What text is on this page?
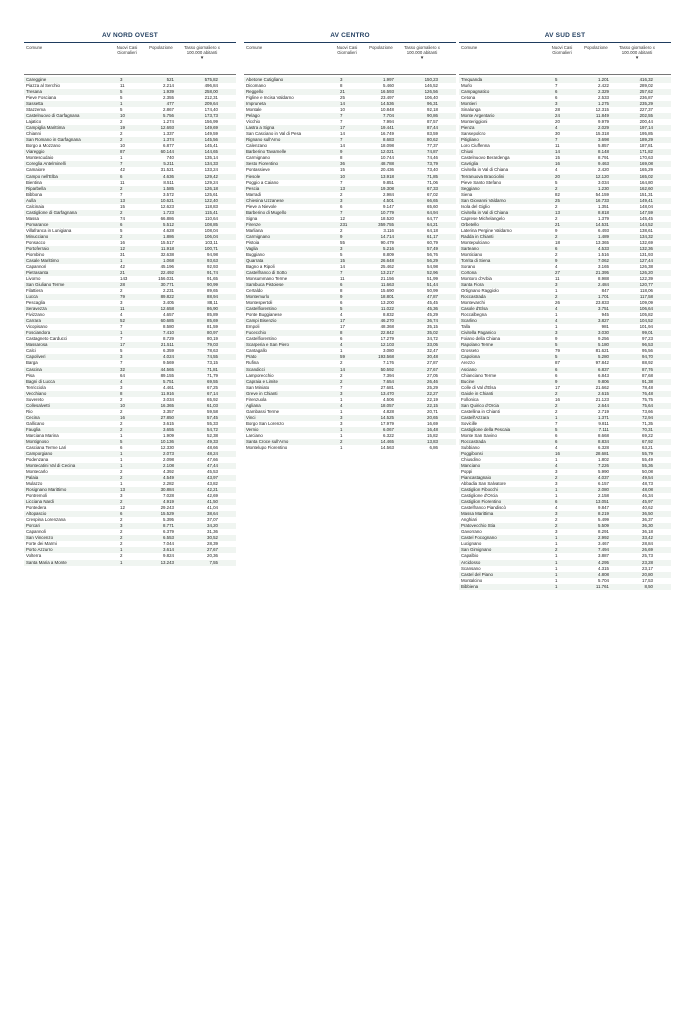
AV NORD OVEST
Comune	Nuovi Casi Giornalieri
Popolazione	Tasso giornaliero x 100.000 abitanti
▼
Careggine	3	521	575,82
Piazza al Serchio	11	2.214	496,84
Tresana	5	1.939	258,00
Pieve Fosciana	5	2.355	212,31
Sassetta	1	477	209,64
Stazzema	5	2.867	174,40
Castelnuovo di Garfagnana	10	5.756	173,73
Lajatico	2	1.274	156,99
Campiglia Marittima	19	12.693	149,69
Chianni	2	1.337	149,59
San Romano in Garfagnana	2	1.374	145,56
Borgo a Mozzano	10	6.877	145,41
Viareggio	87	60.144	144,65
Montescudaio	1	740	135,14
Coreglia Antelminelli	7	5.211	134,33
Camaiore	42	31.521	133,24
Campo nell'Elba	6	4.636	129,42
Bientina	11	8.511	129,24
Riparbella	2	1.585	126,18
Bibbona	7	3.572	125,61
Aulla	13	10.621	122,40
Calcinaia	15	12.623	118,83
Castiglione di Garfagnana	2	1.723	115,41
Massa	74	66.886	110,64
Pomarance	6	5.512	108,85
Villafranca in Lunigiana	5	4.628	108,04
Minucciano	2	1.886	106,04
Ponsacco	16	15.517	103,11
Portoferraio	12	11.918	100,71
Piombino	31	32.638	94,98
Casale Marittimo	1	1.068	93,63
Capannori	42	45.196	92,93
Pietrasanta	21	22.492	91,74
Livorno	143	156.031	91,65
San Giuliano Terme	28	30.771	90,99
Filattiera	2	2.231	89,65
Lucca	79	89.822	88,94
Pescaglia	3	3.405	88,11
Seravezza	11	12.658	86,90
Fivizzano	4	4.657	85,89
Carrara	52	60.685	85,69
Vicopisano	7	8.580	81,59
Fosciandora	1	7.410	80,97
Castagneto Carducci	7	8.729	80,19
Massarosa	17	21.511	79,03
Calci	5	6.359	78,63
Capoliveri	3	4.024	74,55
Barga	7	9.569	73,15
Cascina	32	44.565	71,81
Pisa	64	89.155	71,79
Bagni di Lucca	4	5.751	69,55
Terricciola	3	4.461	67,25
Vecchiano	8	11.916	67,14
Suvereto	2	3.034	65,92
Collesalvetti	10	16.365	61,03
Rio	2	3.357	59,58
Cecina	16	27.850	57,45
Gallicano	2	3.615	55,33
Fauglia	2	3.655	54,72
Marciana Marina	1	1.909	52,38
Montignoso	5	10.136	49,33
Casciana Terme Lari	6	12.330	48,66
Camporgiano	1	2.073	48,24
Podenzana	1	2.098	47,66
Montecatini Val di Cecina	1	2.108	47,44
Montecarlo	2	4.392	45,53
Palaia	2	4.549	43,97
Mulazzo	1	2.282	43,82
Rosignano Marittimo	13	30.884	42,21
Pontremoli	3	7.028	42,69
Licciana Nardi	2	4.919	41,50
Pontedera	12	29.243	41,04
Altopascio	6	15.529	38,64
Crespina Lorenzana	2	5.395	37,07
Porcari	3	8.771	34,20
Capannoli	2	6.379	31,36
San Vincenzo	2	6.553	30,52
Forte dei Marmi	2	7.044	28,39
Porto Azzurro	1	3.614	27,67
Volterra	2	9.824	20,36
Santa Maria a Monte	1	13.243	7,55
AV CENTRO
Comune	Nuovi Casi Giornalieri
Popolazione	Tasso giornaliero x 100.000 abitanti
▼
Abetone Cutigliano	3	1.997	150,23
Dicomano	8	5.460	146,52
Reggello	21	16.593	126,56
Figline e Incisa Valdarno	25	23.497	106,40
Impruneta	14	14.536	96,31
Montale	10	10.848	92,18
Pelago	7	7.704	90,86
Vicchio	7	7.994	87,57
Lastra a Signa	17	19.441	87,44
San Casciano in Val di Pesa	14	16.749	83,59
Rignano sull'Arno	7	8.683	80,62
Calenzano	14	18.098	77,37
Barberino Tavarnelle	9	12.021	74,87
Carmignano	8	10.744	74,46
Sesto Fiorentino	36	48.788	73,79
Pontassieve	15	20.436	73,40
Fiesole	10	13.918	71,85
Poggio a Caiano	7	9.851	71,06
Pescia	13	19.308	67,33
Marradi	2	2.984	67,02
Chiesina Uzzanese	3	4.501	66,65
Pieve a Nievole	6	9.147	65,60
Barberino di Mugello	7	10.779	64,94
Signa	12	18.520	64,77
Firenze	231	359.755	64,21
Marliana	2	3.116	64,18
Carmignano	9	14.714	61,17
Pistoia	55	90.479	60,79
Vaglia	3	5.216	57,49
Buggiano	5	8.809	56,76
Quarrata	15	26.648	56,29
Bagno a Ripoli	14	25.462	54,98
Castelfranco di Sotto	7	13.217	52,96
Monsummano Terme	11	21.156	51,99
Sambuca Pistoiese	6	11.663	51,44
Certaldo	8	15.690	50,99
Montemurlo	9	18.801	47,87
Montespertoli	6	13.200	45,45
Castelfiorentino	5	11.022	45,36
Ponte Buggianese	4	8.832	45,29
Campi Bisenzio	17	46.270	36,74
Empoli	17	48.368	35,15
Fucecchio	8	22.842	35,02
Castelfiorentino	6	17.279	34,72
Scarperia e San Piero	4	12.103	33,05
Cantagallo	1	3.080	32,47
Prato	59	193.568	30,48
Rufina	2	7.176	27,87
Scandicci	14	50.592	27,67
Lamporecchio	2	7.394	27,05
Capraia e Limite	2	7.654	26,46
San Miniato	7	27.681	25,29
Greve in Chianti	3	13.470	22,27
Firenzuola	1	4.506	22,19
Agliana	4	18.057	22,15
Gambassi Terme	1	4.828	20,71
Vinci	3	14.525	20,65
Borgo San Lorenzo	3	17.979	16,69
Vernio	1	6.067	16,48
Larciano	1	6.322	15,82
Santa Croce sull'Arno	2	14.465	13,83
Montelupo Fiorentino	1	14.563	6,86
AV SUD EST
Comune	Nuovi Casi Giornalieri
Popolazione	Tasso giornaliero x 100.000 abitanti
▼
Trequanda	5	1.201	416,32
Murlo	7	2.422	289,02
Campagnatico	6	2.329	257,62
Cetona	6	2.533	236,87
Montieri	3	1.275	235,29
Sinalunga	28	12.315	227,37
Monte Argentario	24	11.849	202,55
Monteriggioni	20	9.979	200,44
Pienza	4	2.029	197,14
Sansepolcro	30	15.318	195,85
Pitigliano	7	3.698	189,29
Loro Ciuffenna	11	5.857	187,81
Chiusi	14	8.148	171,82
Castelnuovo Berardenga	15	8.791	170,63
Cavriglia	16	9.463	169,08
Civitella in Val di Chiana	4	2.420	165,29
Terranuova Bracciolini	20	12.120	165,02
Pieve Santo Stefano	5	3.034	164,80
Seggiano	2	1.230	162,60
Siena	82	54.159	151,31
San Giovanni Valdarno	25	16.733	149,41
Isola del Giglio	2	1.351	148,04
Civitella in Val di Chiana	13	8.818	147,59
Caprese Michelangelo	2	1.379	145,45
Orbetello	21	14.531	144,52
Laterina Pergine Valdarno	9	6.493	138,61
Radda in Chianti	2	1.489	134,32
Montepulciano	18	13.365	132,69
Sarteano	6	4.533	132,36
Monticiano	2	1.516	131,93
Torrita di Siena	9	7.062	127,44
Sorano	4	3.165	126,38
Cortona	27	21.395	126,20
Montoro d'Arbia	11	8.988	122,39
Santa Fiora	3	2.484	120,77
Ortignano Raggiolo	1	847	118,06
Roccastrada	2	1.701	117,58
Montevarchi	26	23.833	109,09
Casole d'Elsa	4	3.751	106,64
Roccalbegna	1	945	105,82
Scarlino	4	3.827	104,52
Talla	1	981	101,94
Civitella Paganico	3	3.030	99,01
Foiano della Chiana	9	9.256	97,23
Rapolano Terme	5	5.180	96,53
Grosseto	79	81.621	95,56
Capolona	5	5.280	94,70
Arezzo	87	97.842	88,92
Asciano	6	6.837	87,76
Chianciano Terme	6	6.843	87,68
Bucine	9	9.806	91,38
Colle di Val d'Elsa	17	21.662	78,48
Gaiole in Chianti	2	2.615	76,48
Follonica	16	21.123	75,75
San Quirico d'Orcia	2	2.644	75,64
Castellina in Chianti	2	2.719	73,66
Castell'Azzara	1	1.371	72,94
Sovicille	7	9.811	71,35
Castiglione della Pescaia	5	7.111	70,31
Monte San Savino	6	8.668	69,22
Roccastrada	6	8.834	67,92
Subbiano	4	6.328	63,21
Poggibonsi	16	28.681	55,79
Chiusdino	1	1.802	55,49
Manciano	4	7.226	55,36
Poppi	3	5.990	50,08
Piancastagnaio	2	4.037	49,54
Abbadia San Salvatore	3	6.157	48,73
Castiglion Fibocchi	1	2.080	48,08
Castiglione d'Orcia	1	2.158	46,34
Castiglion Fiorentino	6	13.051	45,97
Castelfranco Piandiscò	4	9.847	40,62
Massa Marittima	3	8.219	36,50
Anghiari	2	5.499	36,37
Pratovecchio Stia	2	5.509	36,30
Gavorrano	3	8.291	36,18
Castel Focognano	1	2.992	33,42
Lucignano	1	3.467	28,84
San Gimignano	2	7.494	26,69
Capalbio	1	3.887	25,73
Arcidosso	1	4.295	23,28
Scansano	1	4.315	23,17
Castel del Piano	1	4.808	20,80
Montalcino	1	5.704	17,53
Bibbiena	1	11.761	8,50
